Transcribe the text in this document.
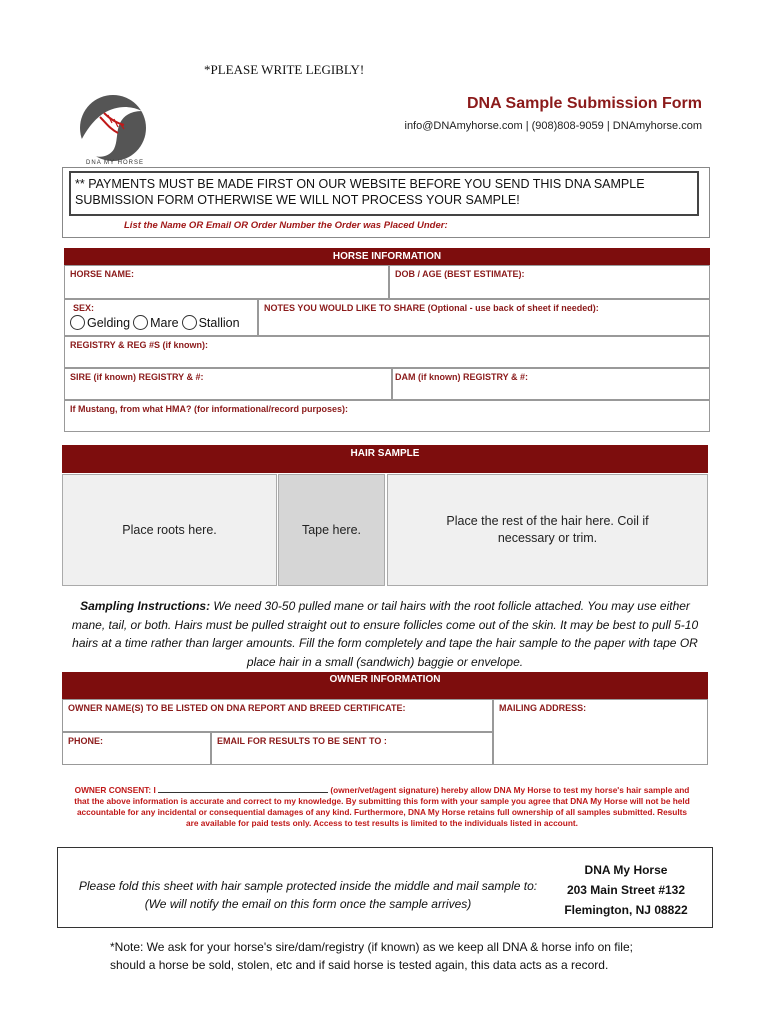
*PLEASE WRITE LEGIBLY!
DNA MY HORSE
DNA Sample Submission Form
info@DNAmyhorse.com | (908)808-9059 | DNAmyhorse.com
** PAYMENTS MUST BE MADE FIRST ON OUR WEBSITE BEFORE YOU SEND THIS DNA SAMPLE
SUBMISSION FORM OTHERWISE WE WILL NOT PROCESS YOUR SAMPLE!
List the Name OR Email OR Order Number the Order was Placed Under:
HORSE INFORMATION
HORSE NAME:	DOB / AGE (BEST ESTIMATE):
SEX:	NOTES YOU WOULD LIKE TO SHARE (Optional - use back of sheet if needed):
Gelding Mare Stallion
REGISTRY & REG #S (if known):
SIRE (if known) REGISTRY & #:	DAM (if known) REGISTRY & #:
If Mustang, from what HMA? (for informational/record purposes):
HAIR SAMPLE
Place roots here.	Tape here.
Place the rest of the hair here. Coil if
necessary or trim.
Sampling Instructions: We need 30-50 pulled mane or tail hairs with the root follicle attached. You may use either mane, tail, or both. Hairs must be pulled straight out to ensure follicles come out of the skin. It may be best to pull 5-10 hairs at a time rather than larger amounts. Fill the form completely and tape the hair sample to the paper with tape OR place hair in a small (sandwich) baggie or envelope.
OWNER INFORMATION
OWNER NAME(S) TO BE LISTED ON DNA REPORT AND BREED CERTIFICATE:	MAILING ADDRESS:
PHONE:	EMAIL FOR RESULTS TO BE SENT TO :
OWNER CONSENT: I	(owner/vet/agent signature) hereby allow DNA My Horse to test my horse's hair sample and that the above information is accurate and correct to my knowledge. By submitting this form with your sample you agree that DNA My Horse will not be held accountable for any incidental or consequential damages of any kind. Furthermore, DNA My Horse retains full ownership of all samples submitted. Results are available for paid tests only. Access to test results is limited to the individuals listed in account.
Please fold this sheet with hair sample protected inside the middle and mail sample to:
(We will notify the email on this form once the sample arrives)
DNA My Horse
203 Main Street #132
Flemington, NJ 08822
*Note: We ask for your horse's sire/dam/registry (if known) as we keep all DNA & horse info on file; should a horse be sold, stolen, etc and if said horse is tested again, this data acts as a record.
